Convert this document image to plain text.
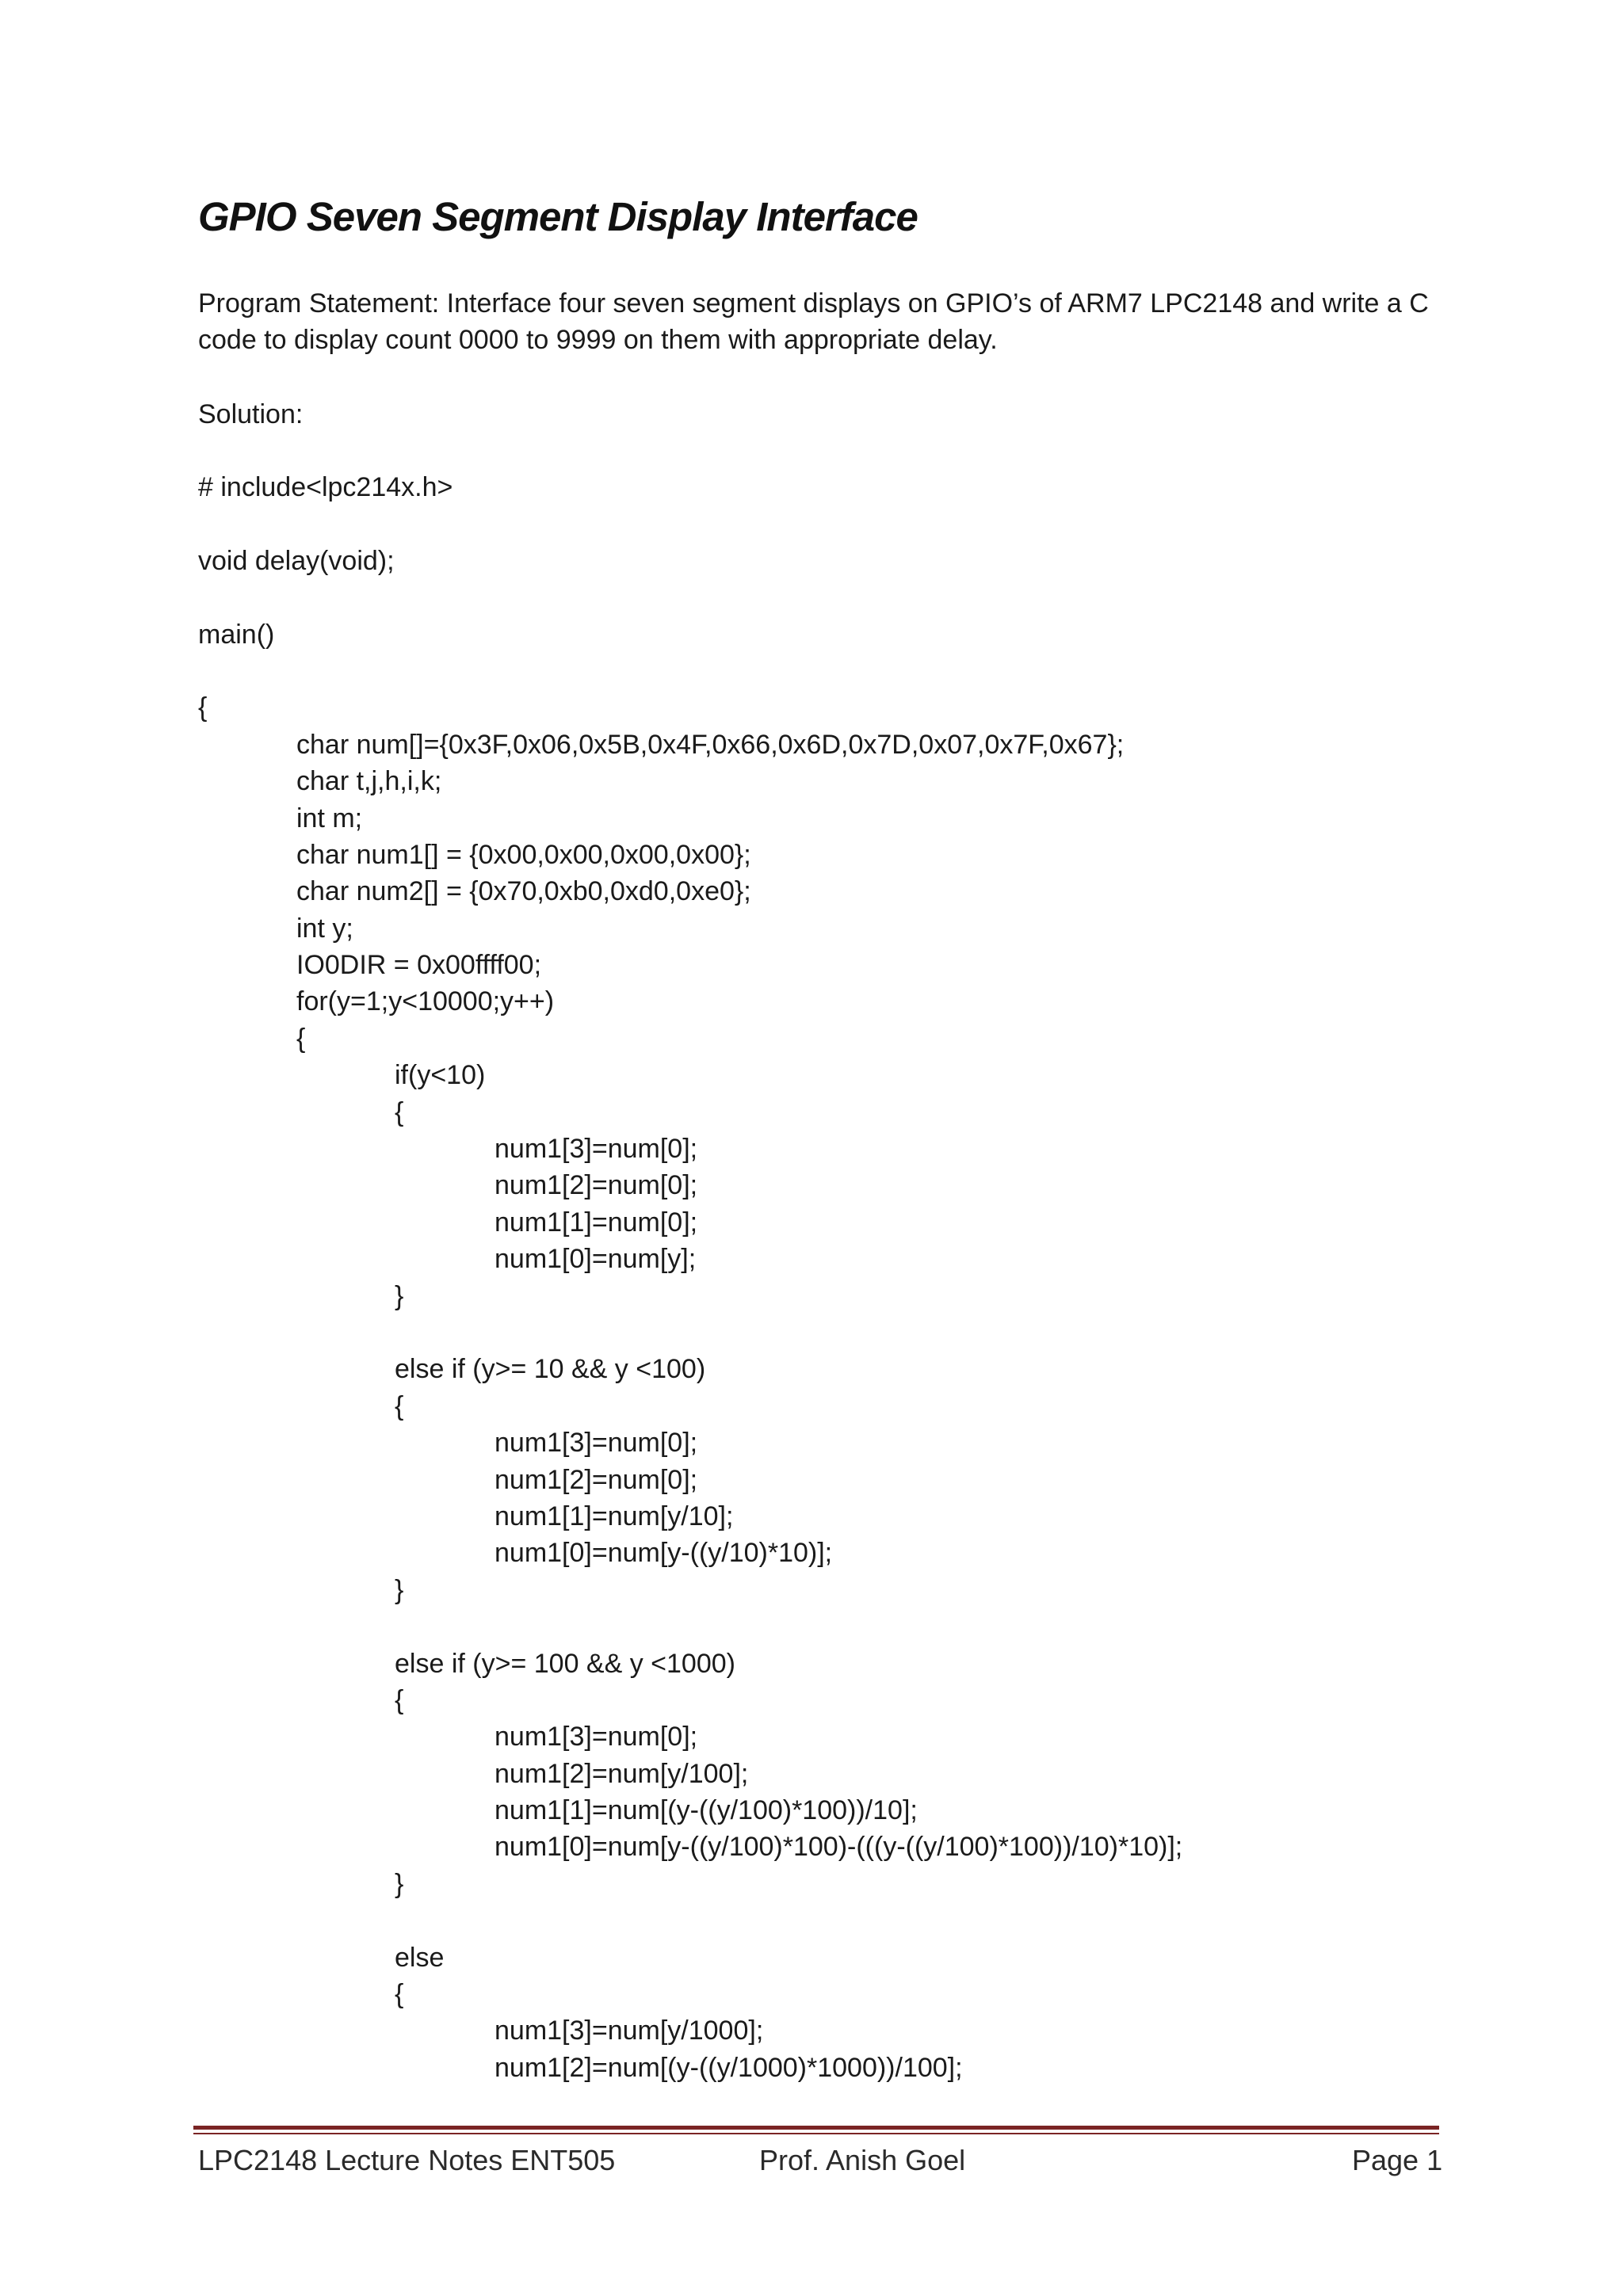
GPIO Seven Segment Display Interface
Program Statement: Interface four seven segment displays on GPIO’s of ARM7 LPC2148 and write a C code to display count 0000 to 9999 on them with appropriate delay.
Solution:
# include<lpc214x.h>
void delay(void);
main()
{
char num[]={0x3F,0x06,0x5B,0x4F,0x66,0x6D,0x7D,0x07,0x7F,0x67};
char t,j,h,i,k;
int m;
char num1[] = {0x00,0x00,0x00,0x00};
char num2[] = {0x70,0xb0,0xd0,0xe0};
int y;
IO0DIR = 0x00ffff00;
for(y=1;y<10000;y++)
{
if(y<10)
{
num1[3]=num[0];
num1[2]=num[0];
num1[1]=num[0];
num1[0]=num[y];
}
else if (y>= 10 && y <100)
{
num1[3]=num[0];
num1[2]=num[0];
num1[1]=num[y/10];
num1[0]=num[y-((y/10)*10)];
}
else if (y>= 100 && y <1000)
{
num1[3]=num[0];
num1[2]=num[y/100];
num1[1]=num[(y-((y/100)*100))/10];
num1[0]=num[y-((y/100)*100)-(((y-((y/100)*100))/10)*10)];
}
else
{
num1[3]=num[y/1000];
num1[2]=num[(y-((y/1000)*1000))/100];
LPC2148 Lecture Notes ENT505	Prof. Anish Goel	Page 1
